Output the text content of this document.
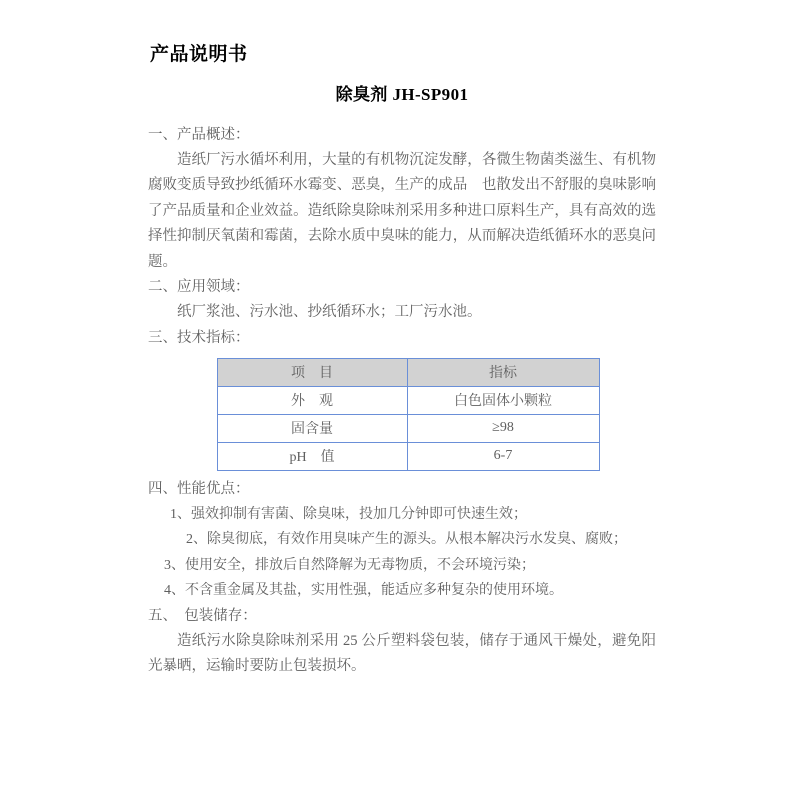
产品说明书
除臭剂 JH-SP901

一、产品概述：

造纸厂污水循坏利用，大量的有机物沉淀发酵，各微生物菌类滋生、有机物腐败变质导致抄纸循环水霉变、恶臭，生产的成品　也散发出不舒服的臭味影响了产品质量和企业效益。造纸除臭除味剂采用多种进口原料生产，具有高效的选择性抑制厌氧菌和霉菌，去除水质中臭味的能力，从而解决造纸循环水的恶臭问题。

二、应用领域：

纸厂浆池、污水池、抄纸循环水；工厂污水池。

三、技术指标：

项　目	指标
外　观	白色固体小颗粒
固含量	≥98
pH　值	6-7

四、性能优点：

1、强效抑制有害菌、除臭味，投加几分钟即可快速生效；

2、除臭彻底，有效作用臭味产生的源头。从根本解决污水发臭、腐败；

3、使用安全，排放后自然降解为无毒物质，不会环境污染；

4、不含重金属及其盐，实用性强，能适应多种复杂的使用环境。

五、　包装储存：

造纸污水除臭除味剂采用 25 公斤塑料袋包装，储存于通风干燥处，避免阳光暴晒，运输时要防止包装损坏。
